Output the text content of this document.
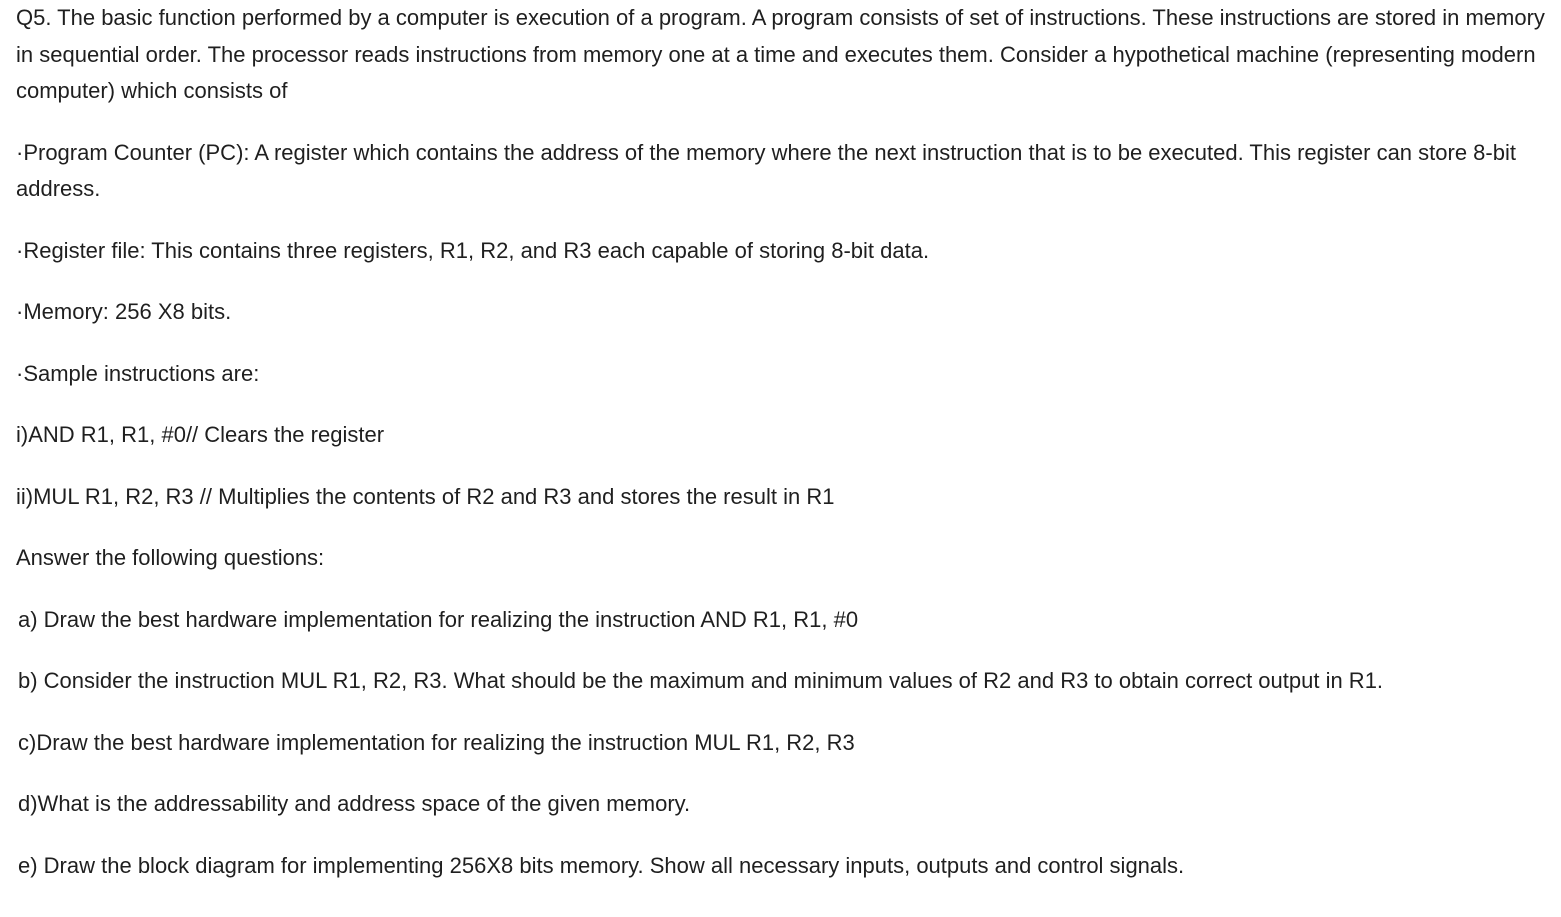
Q5. The basic function performed by a computer is execution of a program. A program consists of set of instructions. These instructions are stored in memory in sequential order. The processor reads instructions from memory one at a time and executes them. Consider a hypothetical machine (representing modern computer) which consists of

·Program Counter (PC): A register which contains the address of the memory where the next instruction that is to be executed. This register can store 8-bit address.

·Register file: This contains three registers, R1, R2, and R3 each capable of storing 8-bit data.

·Memory: 256 X8 bits.

·Sample instructions are:

i)AND R1, R1, #0// Clears the register

ii)MUL R1, R2, R3 // Multiplies the contents of R2 and R3 and stores the result in R1

Answer the following questions:

a) Draw the best hardware implementation for realizing the instruction AND R1, R1, #0

b) Consider the instruction MUL R1, R2, R3. What should be the maximum and minimum values of R2 and R3 to obtain correct output in R1.

c)Draw the best hardware implementation for realizing the instruction MUL R1, R2, R3

d)What is the addressability and address space of the given memory.

e) Draw the block diagram for implementing 256X8 bits memory. Show all necessary inputs, outputs and control signals.
